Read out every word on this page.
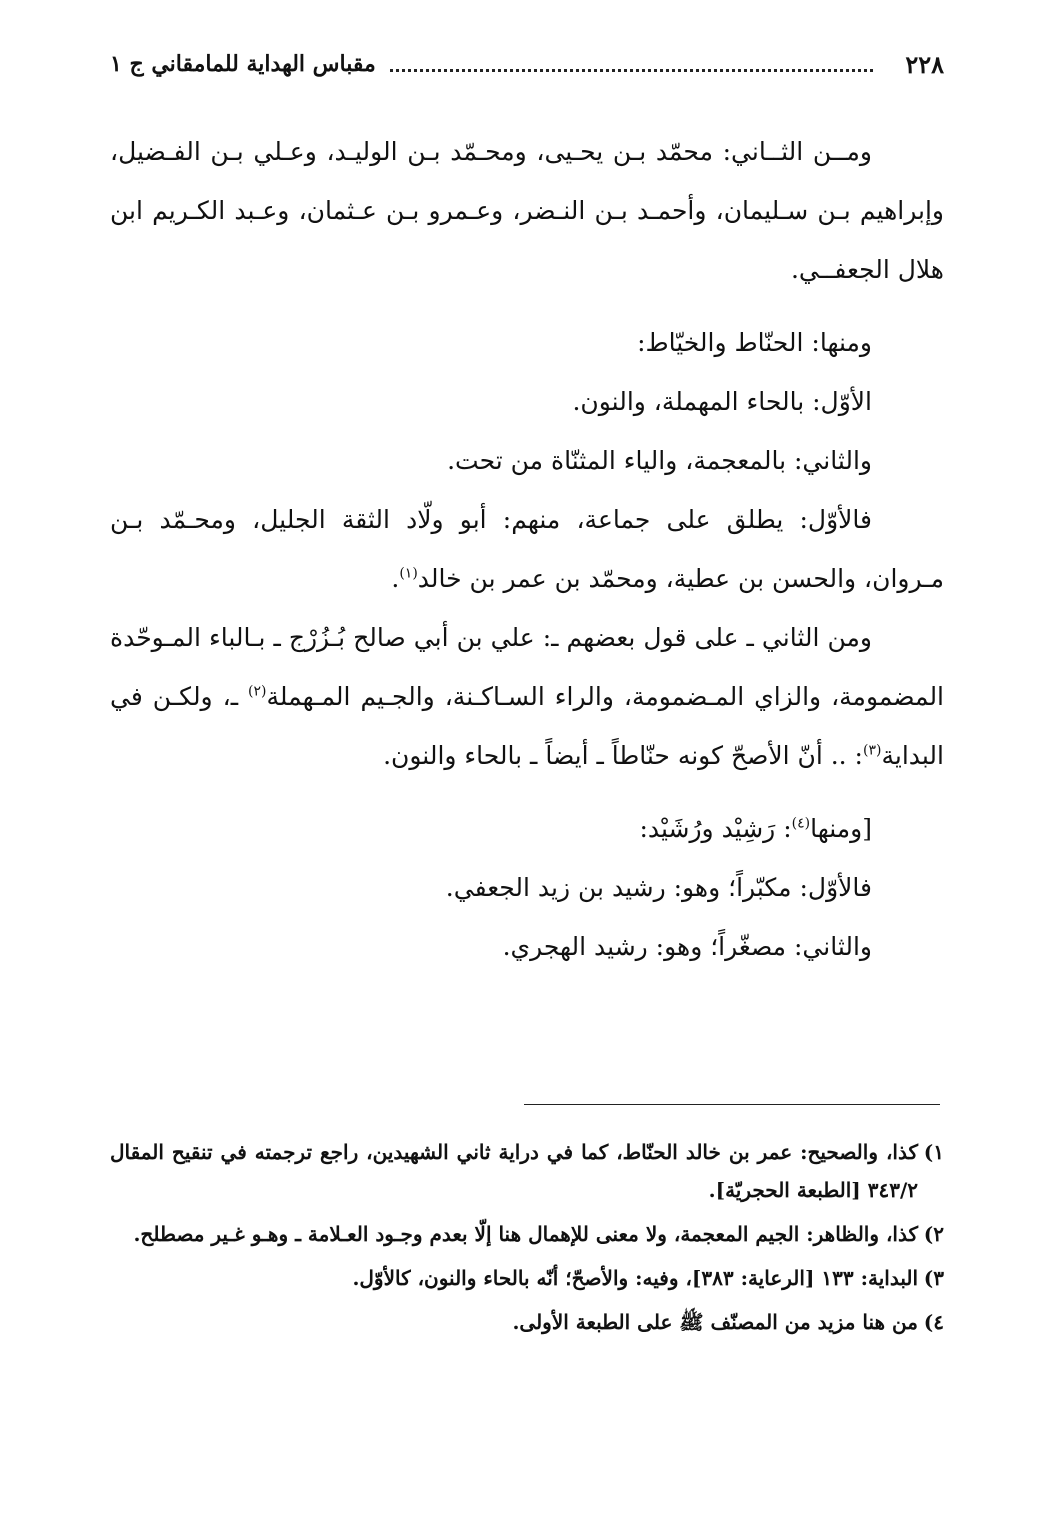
٢٢٨
مقباس الهداية للمامقاني ج ١

ومــن الثــاني: محمّد بـن يحـيى، ومحـمّد بـن الوليـد، وعـلي بـن الفـضيل، وإبراهيم بـن سـليمان، وأحمـد بـن النـضر، وعـمرو بـن عـثمان، وعـبد الكـريم ابن هلال الجعفــي.

ومنها: الحنّاط والخيّاط:

الأوّل: بالحاء المهملة، والنون.

والثاني: بالمعجمة، والياء المثنّاة من تحت.

فالأوّل: يطلق على جماعة، منهم: أبو ولّاد الثقة الجليل، ومحـمّد بـن مـروان، والحسن بن عطية، ومحمّد بن عمر بن خالد$^{(١)}$.

ومن الثاني ـ على قول بعضهم ـ: علي بن أبي صالح بُـزُرْج ـ بـالباء المـوحّدة المضمومة، والزاي المـضمومة، والراء السـاكـنة، والجـيم المـهملة$^{(٢)}$ ـ، ولكـن في البداية$^{(٣)}$: .. أنّ الأصحّ كونه حنّاطاً ـ أيضاً ـ بالحاء والنون.

[ومنها$^{(٤)}$: رَشِيْد ورُشَيْد:

فالأوّل: مكبّراً؛ وهو: رشيد بن زيد الجعفي.

والثاني: مصغّراً؛ وهو: رشيد الهجري.

١)
كذا، والصحيح: عمر بن خالد الحنّاط، كما في دراية ثاني الشهيدين، راجع ترجمته في تنقيح المقال ٣٤٣/٢ [الطبعة الحجريّة].
٢)
كذا، والظاهر: الجيم المعجمة، ولا معنى للإهمال هنا إلّا بعدم وجـود العـلامة ـ وهـو غـير مصطلح.
٣)
البداية: ١٣٣ [الرعاية: ٣٨٣]، وفيه: والأصحّ؛ أنّه بالحاء والنون، كالأوّل.
٤)
من هنا مزيد من المصنّف ﷺ على الطبعة الأولى.
